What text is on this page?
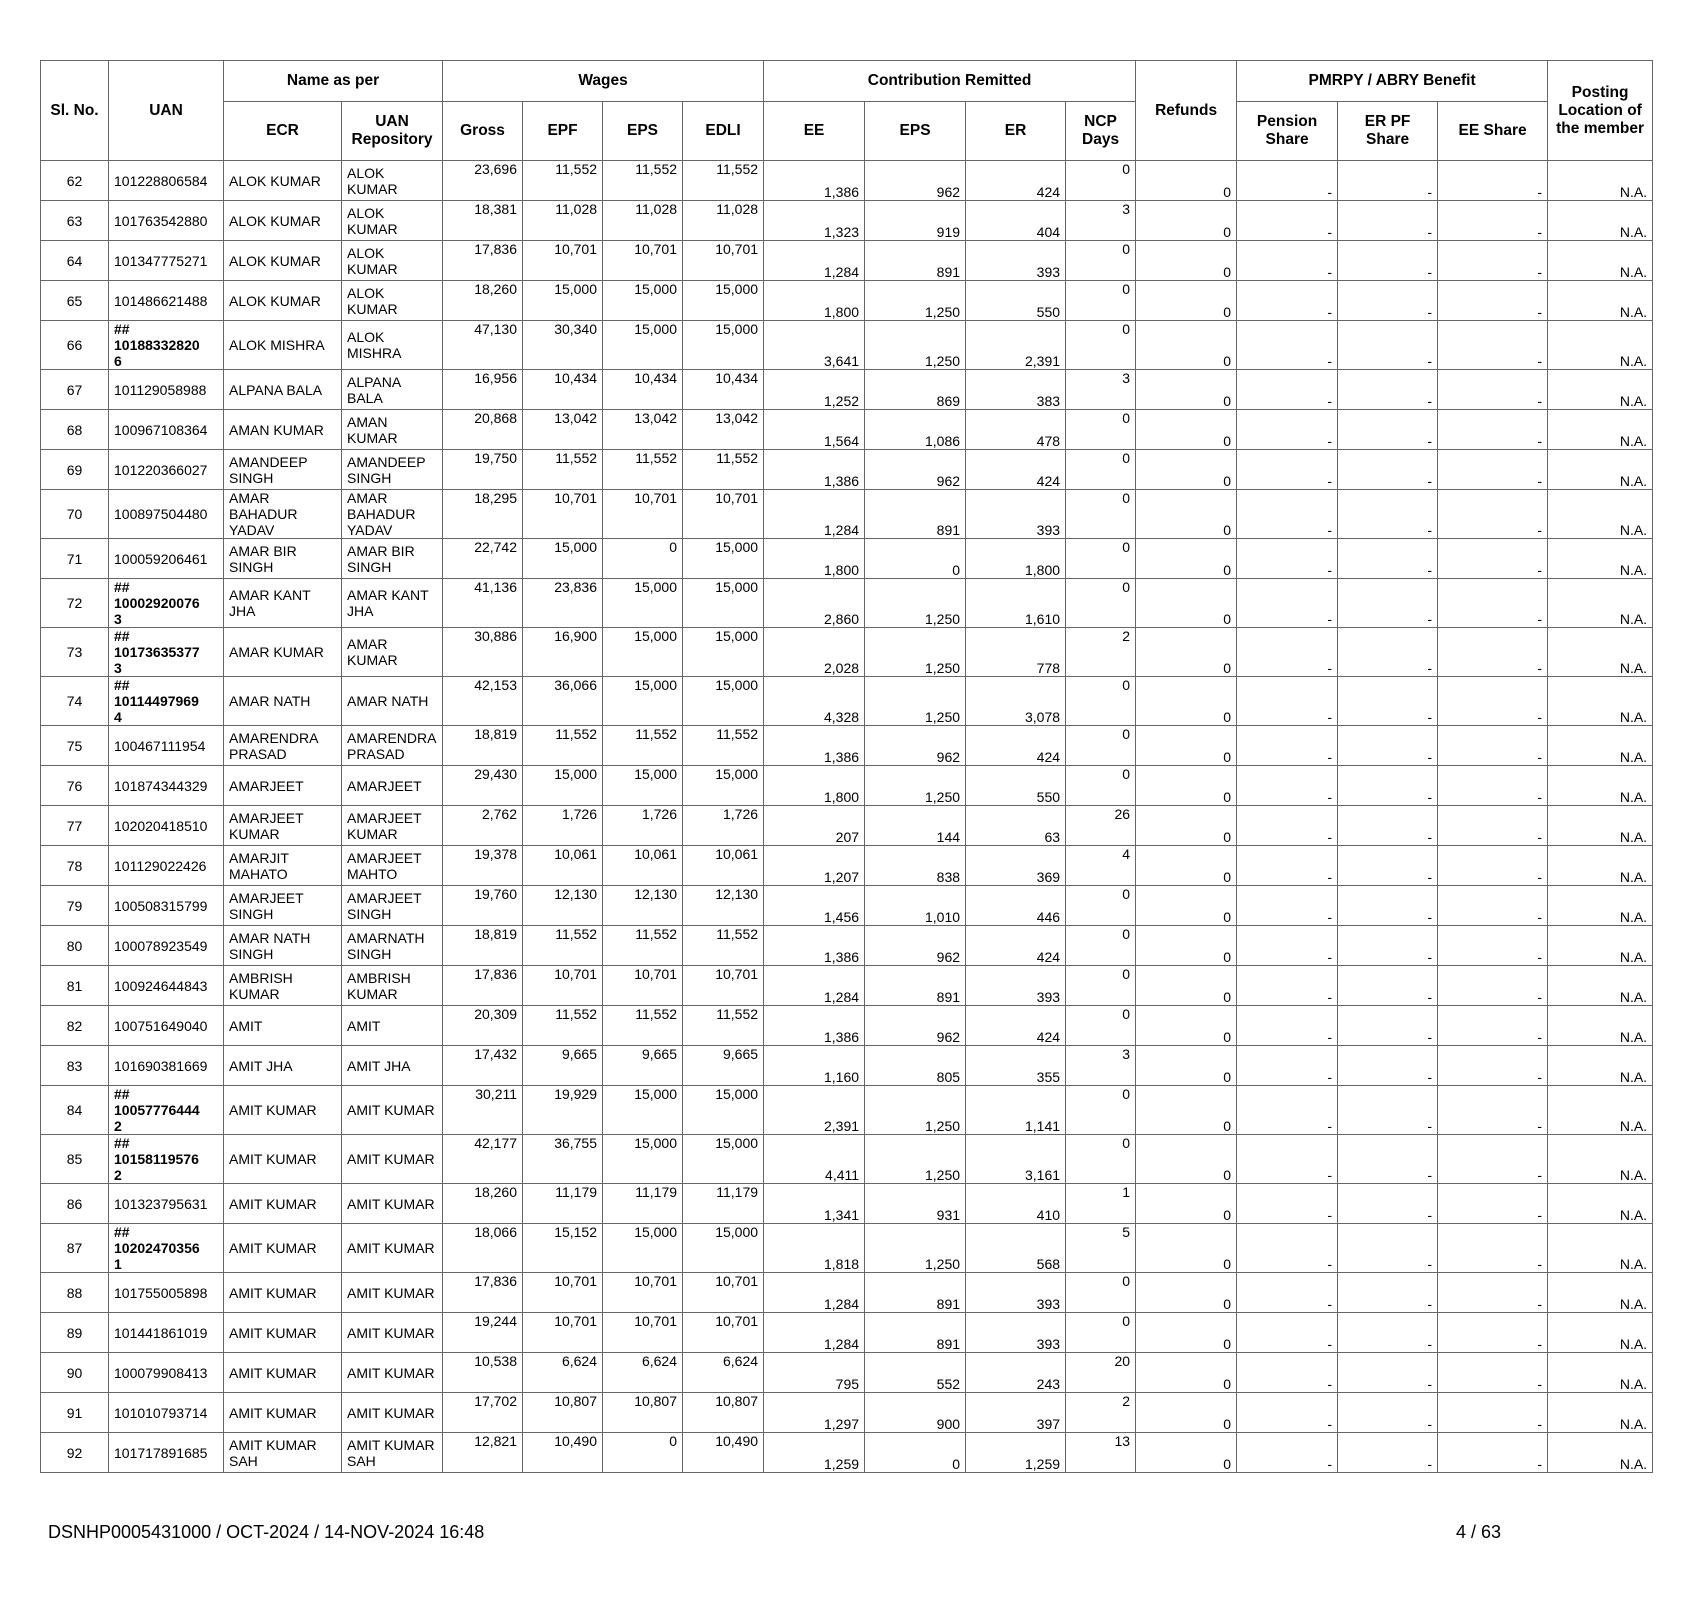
Sl. No.	UAN	Name as per		Wages				Contribution Remitted				Refunds	PMRPY / ABRY Benefit			Posting Location of the member
		ECR	UAN Repository	Gross	EPF	EPS	EDLI	EE	EPS	ER	NCP Days		Pension Share	ER PF Share	EE Share	
62	101228806584	ALOK KUMAR	ALOK KUMAR	23,696	11,552	11,552	11,552	1,386	962	424	0	0	-	-	-	N.A.
63	101763542880	ALOK KUMAR	ALOK KUMAR	18,381	11,028	11,028	11,028	1,323	919	404	3	0	-	-	-	N.A.
64	101347775271	ALOK KUMAR	ALOK KUMAR	17,836	10,701	10,701	10,701	1,284	891	393	0	0	-	-	-	N.A.
65	101486621488	ALOK KUMAR	ALOK KUMAR	18,260	15,000	15,000	15,000	1,800	1,250	550	0	0	-	-	-	N.A.
66	##
10188332820
6	ALOK MISHRA	ALOK MISHRA	47,130	30,340	15,000	15,000	3,641	1,250	2,391	0	0	-	-	-	N.A.
67	101129058988	ALPANA BALA	ALPANA BALA	16,956	10,434	10,434	10,434	1,252	869	383	3	0	-	-	-	N.A.
68	100967108364	AMAN KUMAR	AMAN KUMAR	20,868	13,042	13,042	13,042	1,564	1,086	478	0	0	-	-	-	N.A.
69	101220366027	AMANDEEP SINGH	AMANDEEP SINGH	19,750	11,552	11,552	11,552	1,386	962	424	0	0	-	-	-	N.A.
70	100897504480	AMAR BAHADUR YADAV	AMAR BAHADUR YADAV	18,295	10,701	10,701	10,701	1,284	891	393	0	0	-	-	-	N.A.
71	100059206461	AMAR BIR SINGH	AMAR BIR SINGH	22,742	15,000	0	15,000	1,800	0	1,800	0	0	-	-	-	N.A.
72	##
10002920076
3	AMAR KANT JHA	AMAR KANT JHA	41,136	23,836	15,000	15,000	2,860	1,250	1,610	0	0	-	-	-	N.A.
73	##
10173635377
3	AMAR KUMAR	AMAR KUMAR	30,886	16,900	15,000	15,000	2,028	1,250	778	2	0	-	-	-	N.A.
74	##
10114497969
4	AMAR NATH	AMAR NATH	42,153	36,066	15,000	15,000	4,328	1,250	3,078	0	0	-	-	-	N.A.
75	100467111954	AMARENDRA PRASAD	AMARENDRA PRASAD	18,819	11,552	11,552	11,552	1,386	962	424	0	0	-	-	-	N.A.
76	101874344329	AMARJEET	AMARJEET	29,430	15,000	15,000	15,000	1,800	1,250	550	0	0	-	-	-	N.A.
77	102020418510	AMARJEET KUMAR	AMARJEET KUMAR	2,762	1,726	1,726	1,726	207	144	63	26	0	-	-	-	N.A.
78	101129022426	AMARJIT MAHATO	AMARJEET MAHTO	19,378	10,061	10,061	10,061	1,207	838	369	4	0	-	-	-	N.A.
79	100508315799	AMARJEET SINGH	AMARJEET SINGH	19,760	12,130	12,130	12,130	1,456	1,010	446	0	0	-	-	-	N.A.
80	100078923549	AMAR NATH SINGH	AMARNATH SINGH	18,819	11,552	11,552	11,552	1,386	962	424	0	0	-	-	-	N.A.
81	100924644843	AMBRISH KUMAR	AMBRISH KUMAR	17,836	10,701	10,701	10,701	1,284	891	393	0	0	-	-	-	N.A.
82	100751649040	AMIT	AMIT	20,309	11,552	11,552	11,552	1,386	962	424	0	0	-	-	-	N.A.
83	101690381669	AMIT JHA	AMIT JHA	17,432	9,665	9,665	9,665	1,160	805	355	3	0	-	-	-	N.A.
84	##
10057776444
2	AMIT KUMAR	AMIT KUMAR	30,211	19,929	15,000	15,000	2,391	1,250	1,141	0	0	-	-	-	N.A.
85	##
10158119576
2	AMIT KUMAR	AMIT KUMAR	42,177	36,755	15,000	15,000	4,411	1,250	3,161	0	0	-	-	-	N.A.
86	101323795631	AMIT KUMAR	AMIT KUMAR	18,260	11,179	11,179	11,179	1,341	931	410	1	0	-	-	-	N.A.
87	##
10202470356
1	AMIT KUMAR	AMIT KUMAR	18,066	15,152	15,000	15,000	1,818	1,250	568	5	0	-	-	-	N.A.
88	101755005898	AMIT KUMAR	AMIT KUMAR	17,836	10,701	10,701	10,701	1,284	891	393	0	0	-	-	-	N.A.
89	101441861019	AMIT KUMAR	AMIT KUMAR	19,244	10,701	10,701	10,701	1,284	891	393	0	0	-	-	-	N.A.
90	100079908413	AMIT KUMAR	AMIT KUMAR	10,538	6,624	6,624	6,624	795	552	243	20	0	-	-	-	N.A.
91	101010793714	AMIT KUMAR	AMIT KUMAR	17,702	10,807	10,807	10,807	1,297	900	397	2	0	-	-	-	N.A.
92	101717891685	AMIT KUMAR SAH	AMIT KUMAR SAH	12,821	10,490	0	10,490	1,259	0	1,259	13	0	-	-	-	N.A.
DSNHP0005431000 / OCT-2024 / 14-NOV-2024 16:48	4 / 63
